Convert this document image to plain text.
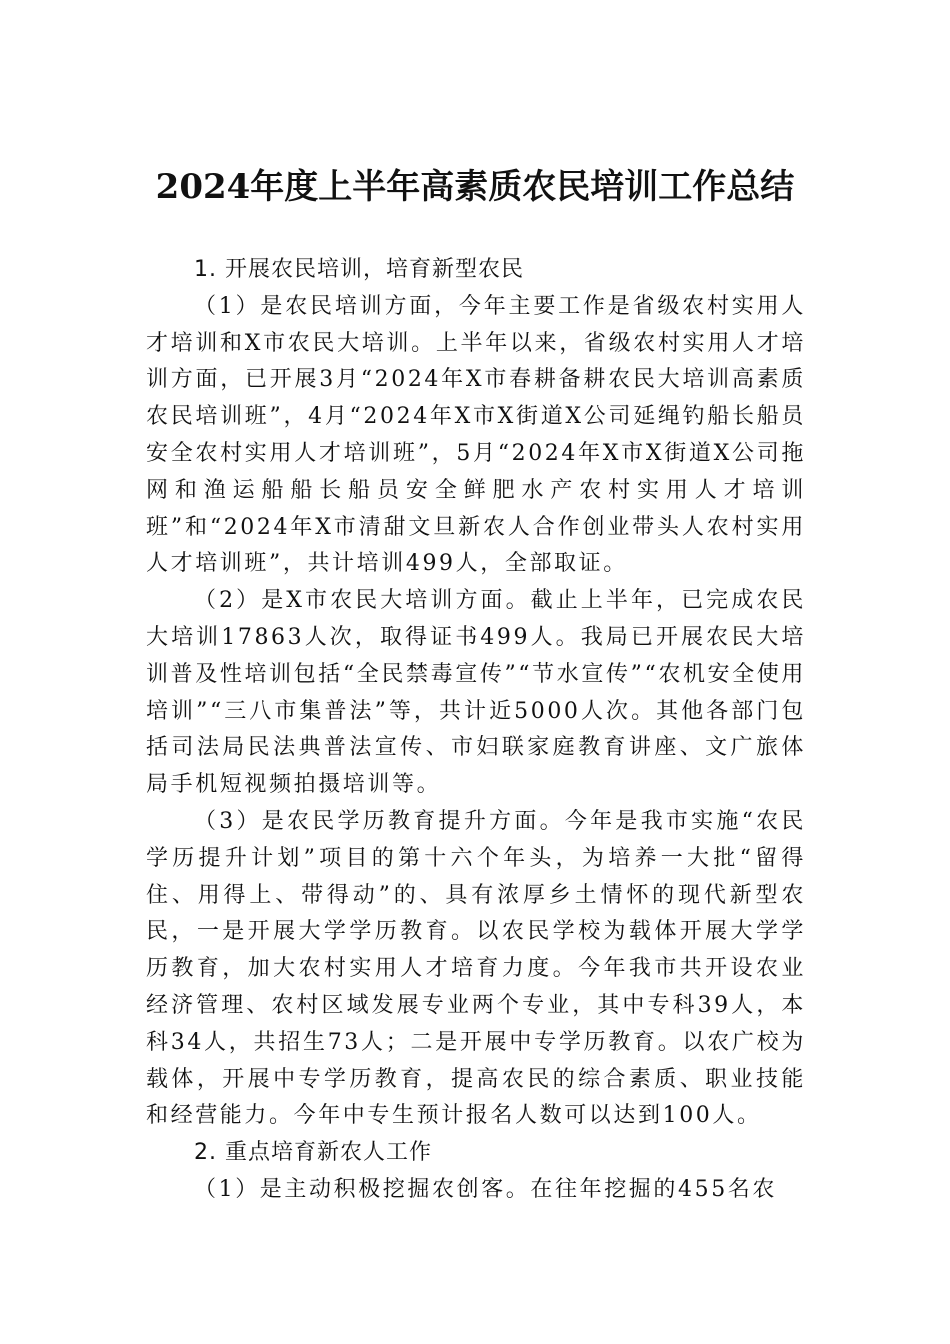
2024年度上半年高素质农民培训工作总结
1. 开展农民培训，培育新型农民

（1）是农民培训方面，今年主要工作是省级农村实用人才培训和X市农民大培训。上半年以来，省级农村实用人才培训方面，已开展3月“2024年X市春耕备耕农民大培训高素质农民培训班”，4月“2024年X市X街道X公司延绳钓船长船员安全农村实用人才培训班”，5月“2024年X市X街道X公司拖网和渔运船船长船员安全鲜肥水产农村实用人才培训班”和“2024年X市清甜文旦新农人合作创业带头人农村实用人才培训班”，共计培训499人，全部取证。

（2）是X市农民大培训方面。截止上半年，已完成农民大培训17863人次，取得证书499人。我局已开展农民大培训普及性培训包括“全民禁毒宣传”“节水宣传”“农机安全使用培训”“三八市集普法”等，共计近5000人次。其他各部门包括司法局民法典普法宣传、市妇联家庭教育讲座、文广旅体局手机短视频拍摄培训等。

（3）是农民学历教育提升方面。今年是我市实施“农民学历提升计划”项目的第十六个年头，为培养一大批“留得住、用得上、带得动”的、具有浓厚乡土情怀的现代新型农民，一是开展大学学历教育。以农民学校为载体开展大学学历教育，加大农村实用人才培育力度。今年我市共开设农业经济管理、农村区域发展专业两个专业，其中专科39人，本科34人，共招生73人；二是开展中专学历教育。以农广校为载体，开展中专学历教育，提高农民的综合素质、职业技能和经营能力。今年中专生预计报名人数可以达到100人。

2. 重点培育新农人工作

（1）是主动积极挖掘农创客。在往年挖掘的455名农
